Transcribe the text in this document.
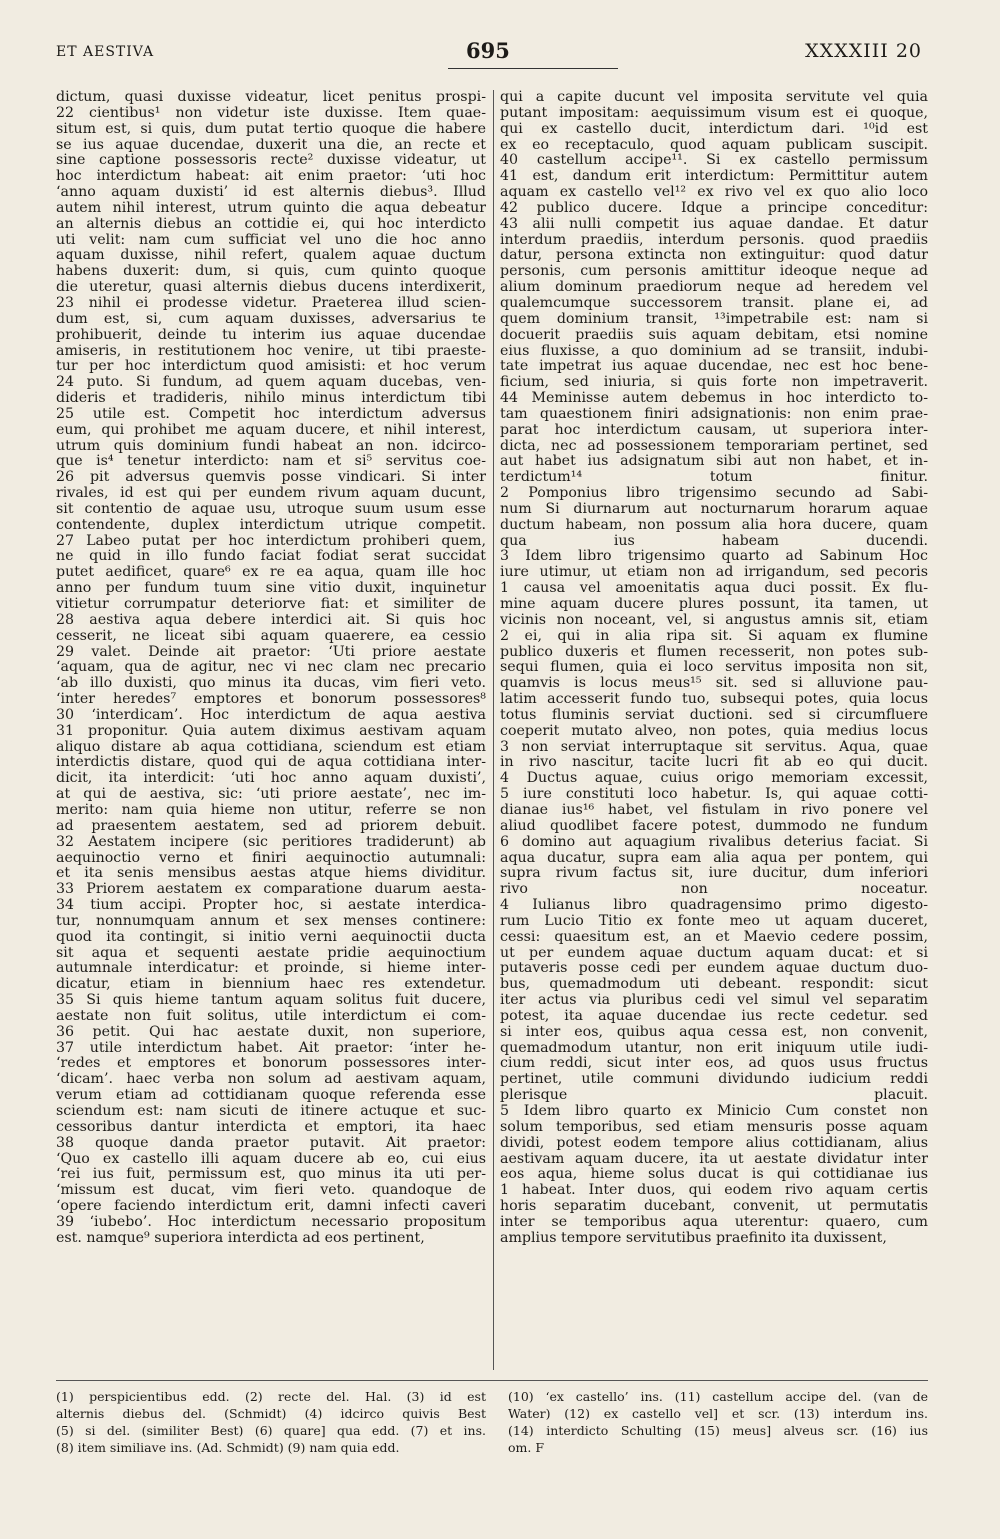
ET AESTIVA	695	XXXXIII 20
dictum, quasi duxisse videatur, licet penitus prospi-
22 cientibus¹ non videtur iste duxisse. Item quae-
situm est, si quis, dum putat tertio quoque die habere
se ius aquae ducendae, duxerit una die, an recte et
sine captione possessoris recte² duxisse videatur, ut
hoc interdictum habeat: ait enim praetor: ‘uti hoc
‘anno aquam duxisti’ id est alternis diebus³. Illud
autem nihil interest, utrum quinto die aqua debeatur
an alternis diebus an cottidie ei, qui hoc interdicto
uti velit: nam cum sufficiat vel uno die hoc anno
aquam duxisse, nihil refert, qualem aquae ductum
habens duxerit: dum, si quis, cum quinto quoque
die uteretur, quasi alternis diebus ducens interdixerit,
23 nihil ei prodesse videtur. Praeterea illud scien-
dum est, si, cum aquam duxisses, adversarius te
prohibuerit, deinde tu interim ius aquae ducendae
amiseris, in restitutionem hoc venire, ut tibi praeste-
tur per hoc interdictum quod amisisti: et hoc verum
24 puto. Si fundum, ad quem aquam ducebas, ven-
dideris et tradideris, nihilo minus interdictum tibi
25 utile est. Competit hoc interdictum adversus
eum, qui prohibet me aquam ducere, et nihil interest,
utrum quis dominium fundi habeat an non. idcirco-
que is⁴ tenetur interdicto: nam et si⁵ servitus coe-
26 pit adversus quemvis posse vindicari. Si inter
rivales, id est qui per eundem rivum aquam ducunt,
sit contentio de aquae usu, utroque suum usum esse
contendente, duplex interdictum utrique competit.
27 Labeo putat per hoc interdictum prohiberi quem,
ne quid in illo fundo faciat fodiat serat succidat
putet aedificet, quare⁶ ex re ea aqua, quam ille hoc
anno per fundum tuum sine vitio duxit, inquinetur
vitietur corrumpatur deteriorve fiat: et similiter de
28 aestiva aqua debere interdici ait. Si quis hoc
cesserit, ne liceat sibi aquam quaerere, ea cessio
29 valet. Deinde ait praetor: ‘Uti priore aestate
‘aquam, qua de agitur, nec vi nec clam nec precario
‘ab illo duxisti, quo minus ita ducas, vim fieri veto.
‘inter heredes⁷ emptores et bonorum possessores⁸
30 ‘interdicam’. Hoc interdictum de aqua aestiva
31 proponitur. Quia autem diximus aestivam aquam
aliquo distare ab aqua cottidiana, sciendum est etiam
interdictis distare, quod qui de aqua cottidiana inter-
dicit, ita interdicit: ‘uti hoc anno aquam duxisti’,
at qui de aestiva, sic: ‘uti priore aestate’, nec im-
merito: nam quia hieme non utitur, referre se non
ad praesentem aestatem, sed ad priorem debuit.
32 Aestatem incipere (sic peritiores tradiderunt) ab
aequinoctio verno et finiri aequinoctio autumnali:
et ita senis mensibus aestas atque hiems dividitur.
33 Priorem aestatem ex comparatione duarum aesta-
34 tium accipi. Propter hoc, si aestate interdica-
tur, nonnumquam annum et sex menses continere:
quod ita contingit, si initio verni aequinoctii ducta
sit aqua et sequenti aestate pridie aequinoctium
autumnale interdicatur: et proinde, si hieme inter-
dicatur, etiam in biennium haec res extendetur.
35 Si quis hieme tantum aquam solitus fuit ducere,
aestate non fuit solitus, utile interdictum ei com-
36 petit. Qui hac aestate duxit, non superiore,
37 utile interdictum habet. Ait praetor: ‘inter he-
‘redes et emptores et bonorum possessores inter-
‘dicam’. haec verba non solum ad aestivam aquam,
verum etiam ad cottidianam quoque referenda esse
sciendum est: nam sicuti de itinere actuque et suc-
cessoribus dantur interdicta et emptori, ita haec
38 quoque danda praetor putavit. Ait praetor:
‘Quo ex castello illi aquam ducere ab eo, cui eius
‘rei ius fuit, permissum est, quo minus ita uti per-
‘missum est ducat, vim fieri veto. quandoque de
‘opere faciendo interdictum erit, damni infecti caveri
39 ‘iubebo’. Hoc interdictum necessario propositum
est. namque⁹ superiora interdicta ad eos pertinent,
qui a capite ducunt vel imposita servitute vel quia
putant impositam: aequissimum visum est ei quoque,
qui ex castello ducit, interdictum dari. ¹⁰id est
ex eo receptaculo, quod aquam publicam suscipit.
40 castellum accipe¹¹. Si ex castello permissum
41 est, dandum erit interdictum: Permittitur autem
aquam ex castello vel¹² ex rivo vel ex quo alio loco
42 publico ducere. Idque a principe conceditur:
43 alii nulli competit ius aquae dandae. Et datur
interdum praediis, interdum personis. quod praediis
datur, persona extincta non extinguitur: quod datur
personis, cum personis amittitur ideoque neque ad
alium dominum praediorum neque ad heredem vel
qualemcumque successorem transit. plane ei, ad
quem dominium transit, ¹³impetrabile est: nam si
docuerit praediis suis aquam debitam, etsi nomine
eius fluxisse, a quo dominium ad se transiit, indubi-
tate impetrat ius aquae ducendae, nec est hoc bene-
ficium, sed iniuria, si quis forte non impetraverit.
44 Meminisse autem debemus in hoc interdicto to-
tam quaestionem finiri adsignationis: non enim prae-
parat hoc interdictum causam, ut superiora inter-
dicta, nec ad possessionem temporariam pertinet, sed
aut habet ius adsignatum sibi aut non habet, et in-
terdictum¹⁴ totum finitur.
2 Pomponius libro trigensimo secundo ad Sabi-
num Si diurnarum aut nocturnarum horarum aquae
ductum habeam, non possum alia hora ducere, quam
qua ius habeam ducendi.
3 Idem libro trigensimo quarto ad Sabinum Hoc
iure utimur, ut etiam non ad irrigandum, sed pecoris
1 causa vel amoenitatis aqua duci possit. Ex flu-
mine aquam ducere plures possunt, ita tamen, ut
vicinis non noceant, vel, si angustus amnis sit, etiam
2 ei, qui in alia ripa sit. Si aquam ex flumine
publico duxeris et flumen recesserit, non potes sub-
sequi flumen, quia ei loco servitus imposita non sit,
quamvis is locus meus¹⁵ sit. sed si alluvione pau-
latim accesserit fundo tuo, subsequi potes, quia locus
totus fluminis serviat ductioni. sed si circumfluere
coeperit mutato alveo, non potes, quia medius locus
3 non serviat interruptaque sit servitus. Aqua, quae
in rivo nascitur, tacite lucri fit ab eo qui ducit.
4 Ductus aquae, cuius origo memoriam excessit,
5 iure constituti loco habetur. Is, qui aquae cotti-
dianae ius¹⁶ habet, vel fistulam in rivo ponere vel
aliud quodlibet facere potest, dummodo ne fundum
6 domino aut aquagium rivalibus deterius faciat. Si
aqua ducatur, supra eam alia aqua per pontem, qui
supra rivum factus sit, iure ducitur, dum inferiori
rivo non noceatur.
4 Iulianus libro quadragensimo primo digesto-
rum Lucio Titio ex fonte meo ut aquam duceret,
cessi: quaesitum est, an et Maevio cedere possim,
ut per eundem aquae ductum aquam ducat: et si
putaveris posse cedi per eundem aquae ductum duo-
bus, quemadmodum uti debeant. respondit: sicut
iter actus via pluribus cedi vel simul vel separatim
potest, ita aquae ducendae ius recte cedetur. sed
si inter eos, quibus aqua cessa est, non convenit,
quemadmodum utantur, non erit iniquum utile iudi-
cium reddi, sicut inter eos, ad quos usus fructus
pertinet, utile communi dividundo iudicium reddi
plerisque placuit.
5 Idem libro quarto ex Minicio Cum constet non
solum temporibus, sed etiam mensuris posse aquam
dividi, potest eodem tempore alius cottidianam, alius
aestivam aquam ducere, ita ut aestate dividatur inter
eos aqua, hieme solus ducat is qui cottidianae ius
1 habeat. Inter duos, qui eodem rivo aquam certis
horis separatim ducebant, convenit, ut permutatis
inter se temporibus aqua uterentur: quaero, cum
amplius tempore servitutibus praefinito ita duxissent,
(1) perspicientibus edd. (2) recte del. Hal. (3) id est
alternis diebus del. (Schmidt) (4) idcirco quivis Best
(5) si del. (similiter Best) (6) quare] qua edd. (7) et ins.
(8) item similiave ins. (Ad. Schmidt) (9) nam quia edd.
(10) ‘ex castello’ ins. (11) castellum accipe del. (van de
Water) (12) ex castello vel] et scr. (13) interdum ins.
(14) interdicto Schulting (15) meus] alveus scr. (16) ius
om. F
